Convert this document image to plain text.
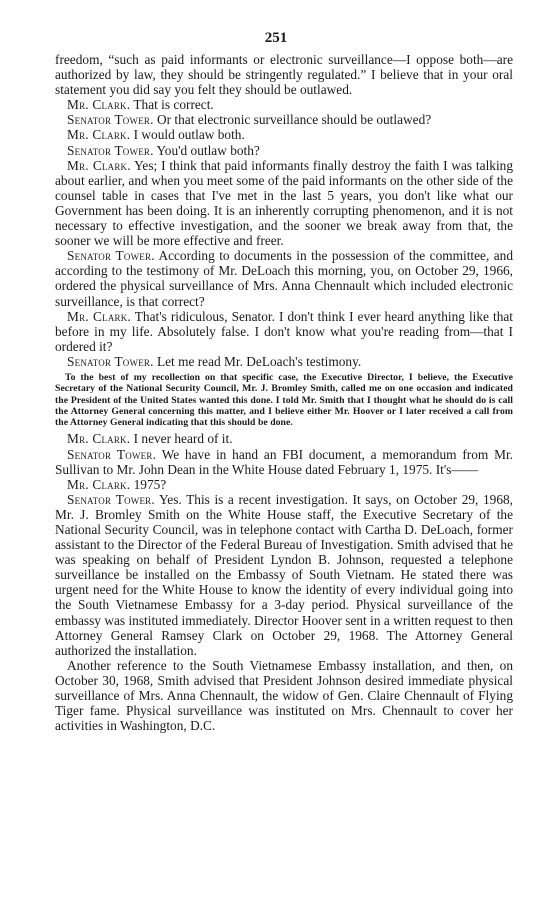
251

freedom, “such as paid informants or electronic surveillance—I oppose both—are authorized by law, they should be stringently regulated.” I believe that in your oral statement you did say you felt they should be outlawed.

Mr. Clark. That is correct.

Senator Tower. Or that electronic surveillance should be outlawed?

Mr. Clark. I would outlaw both.

Senator Tower. You'd outlaw both?

Mr. Clark. Yes; I think that paid informants finally destroy the faith I was talking about earlier, and when you meet some of the paid informants on the other side of the counsel table in cases that I've met in the last 5 years, you don't like what our Government has been doing. It is an inherently corrupting phenomenon, and it is not necessary to effective investigation, and the sooner we break away from that, the sooner we will be more effective and freer.

Senator Tower. According to documents in the possession of the committee, and according to the testimony of Mr. DeLoach this morning, you, on October 29, 1966, ordered the physical surveillance of Mrs. Anna Chennault which included electronic surveillance, is that correct?

Mr. Clark. That's ridiculous, Senator. I don't think I ever heard anything like that before in my life. Absolutely false. I don't know what you're reading from—that I ordered it?

Senator Tower. Let me read Mr. DeLoach's testimony.

To the best of my recollection on that specific case, the Executive Director, I believe, the Executive Secretary of the National Security Council, Mr. J. Bromley Smith, called me on one occasion and indicated the President of the United States wanted this done. I told Mr. Smith that I thought what he should do is call the Attorney General concerning this matter, and I believe either Mr. Hoover or I later received a call from the Attorney General indicating that this should be done.

Mr. Clark. I never heard of it.

Senator Tower. We have in hand an FBI document, a memorandum from Mr. Sullivan to Mr. John Dean in the White House dated February 1, 1975. It's——

Mr. Clark. 1975?

Senator Tower. Yes. This is a recent investigation. It says, on October 29, 1968, Mr. J. Bromley Smith on the White House staff, the Executive Secretary of the National Security Council, was in telephone contact with Cartha D. DeLoach, former assistant to the Director of the Federal Bureau of Investigation. Smith advised that he was speaking on behalf of President Lyndon B. Johnson, requested a telephone surveillance be installed on the Embassy of South Vietnam. He stated there was urgent need for the White House to know the identity of every individual going into the South Vietnamese Embassy for a 3-day period. Physical surveillance of the embassy was instituted immediately. Director Hoover sent in a written request to then Attorney General Ramsey Clark on October 29, 1968. The Attorney General authorized the installation.

Another reference to the South Vietnamese Embassy installation, and then, on October 30, 1968, Smith advised that President Johnson desired immediate physical surveillance of Mrs. Anna Chennault, the widow of Gen. Claire Chennault of Flying Tiger fame. Physical surveillance was instituted on Mrs. Chennault to cover her activities in Washington, D.C.
